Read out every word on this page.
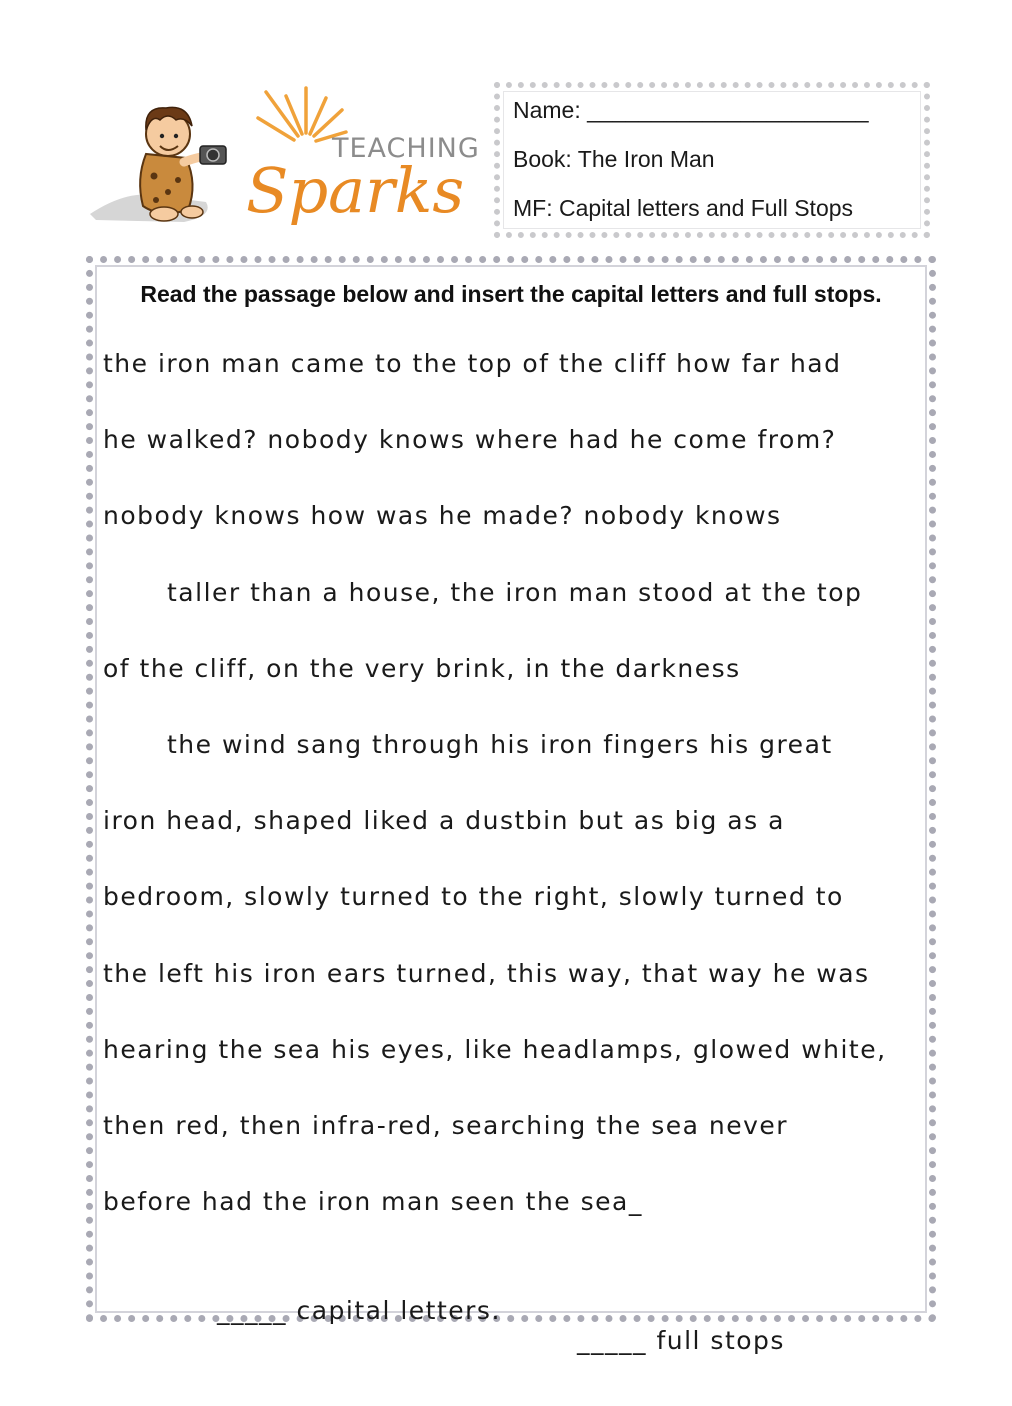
TEACHING
Sparks
Name: ______________________
Book: The Iron Man
MF: Capital letters and Full Stops
Read the passage below and insert the capital letters and full stops.
the iron man came to the top of the cliff how far had
he walked? nobody knows where had he come from?
nobody knows how was he made? nobody knows
taller than a house, the iron man stood at the top
of the cliff, on the very brink, in the darkness
the wind sang through his iron fingers his great
iron head, shaped liked a dustbin but as big as a
bedroom, slowly turned to the right, slowly turned to
the left his iron ears turned, this way, that way he was
hearing the sea his eyes, like headlamps, glowed white,
then red, then infra-red, searching the sea never
before had the iron man seen the sea_

_____ capital letters.

_____ full stops
